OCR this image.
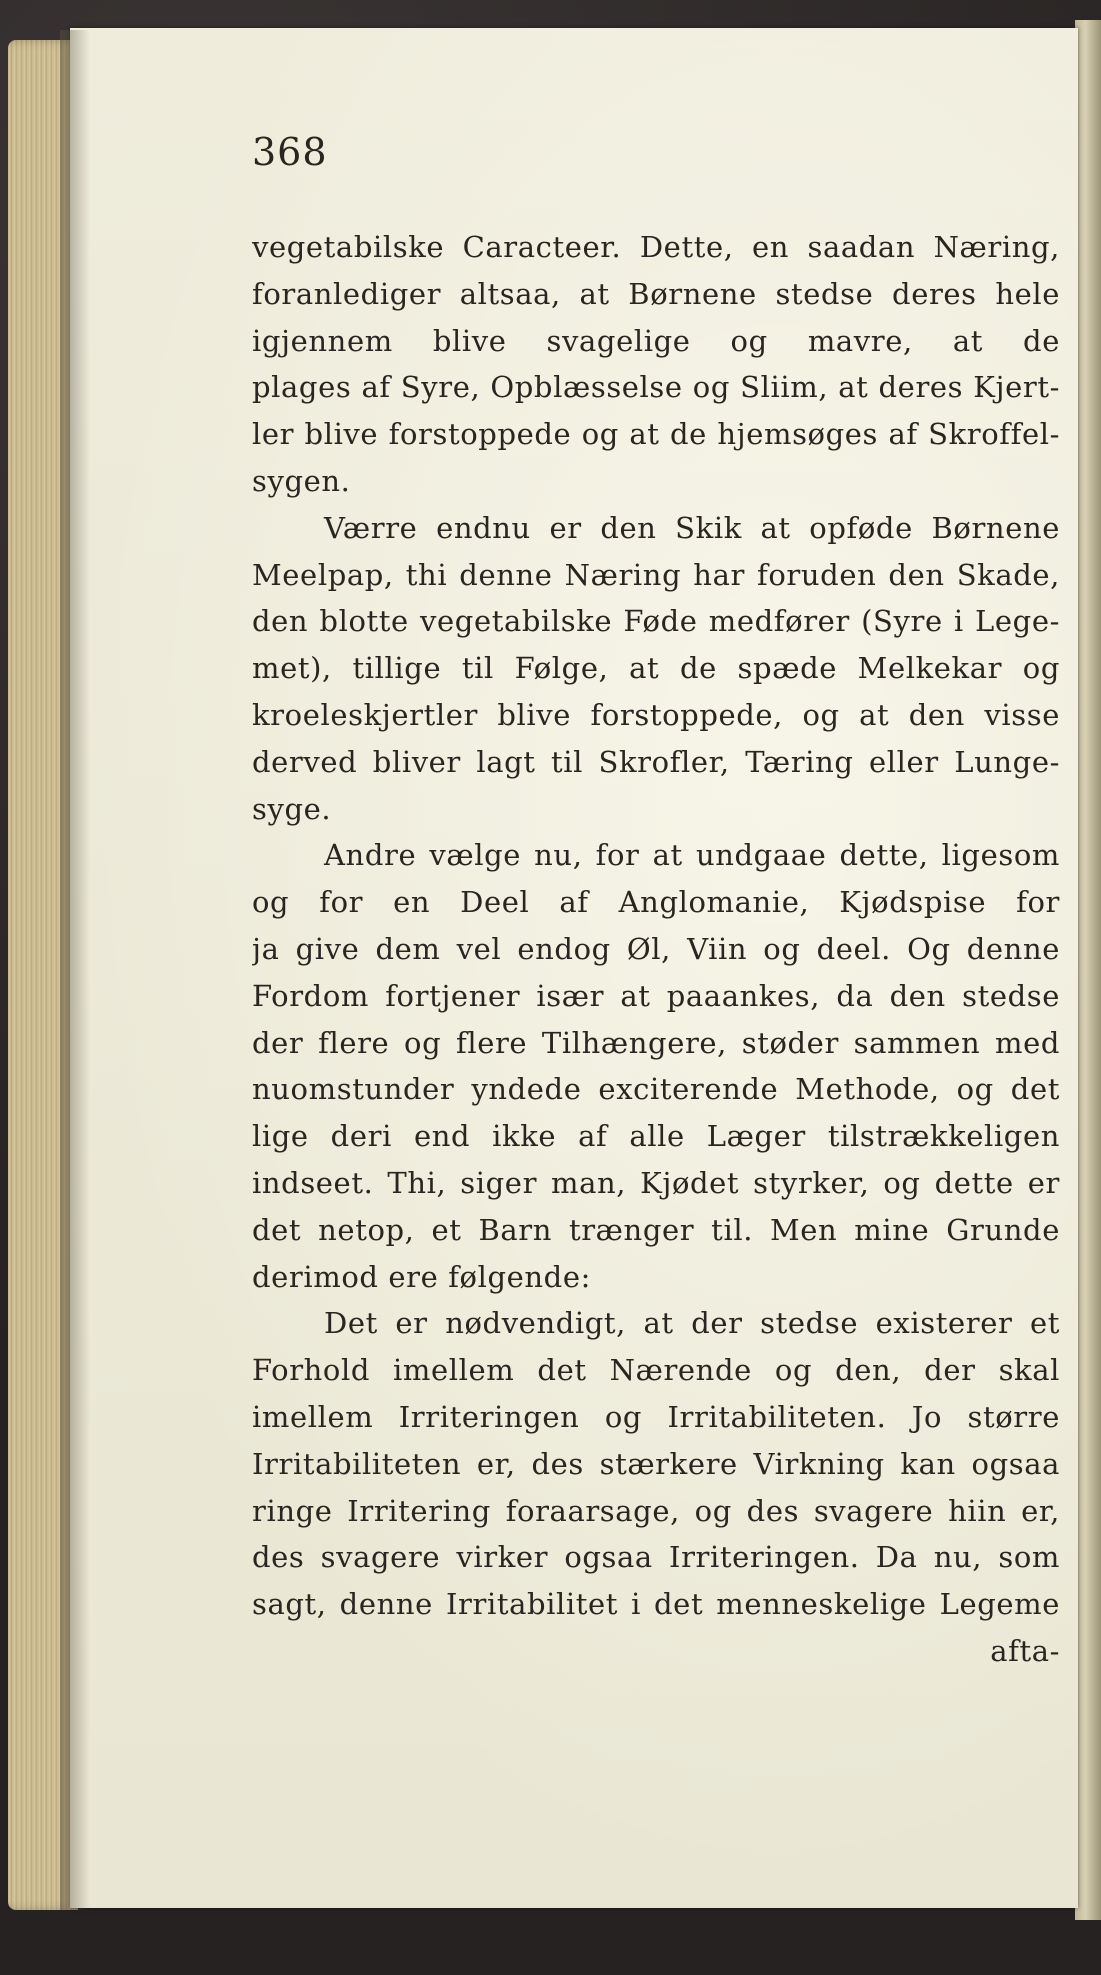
368
vegetabilske Caracteer. Dette, en saadan Næring,
foranlediger altsaa, at Børnene stedse deres hele
igjennem blive svagelige og mavre, at de
plages af Syre, Opblæsselse og Sliim, at deres Kjert-
ler blive forstoppede og at de hjemsøges af Skroffel-
sygen.
Værre endnu er den Skik at opføde Børnene
Meelpap, thi denne Næring har foruden den Skade,
den blotte vegetabilske Føde medfører (Syre i Lege-
met), tillige til Følge, at de spæde Melkekar og
kroeleskjertler blive forstoppede, og at den visse
derved bliver lagt til Skrofler, Tæring eller Lunge-
syge.
Andre vælge nu, for at undgaae dette, ligesom
og for en Deel af Anglomanie, Kjødspise for
ja give dem vel endog Øl, Viin og deel. Og denne
Fordom fortjener især at paaankes, da den stedse
der flere og flere Tilhængere, støder sammen med
nuomstunder yndede exciterende Methode, og det
lige deri end ikke af alle Læger tilstrækkeligen
indseet. Thi, siger man, Kjødet styrker, og dette er
det netop, et Barn trænger til. Men mine Grunde
derimod ere følgende:
Det er nødvendigt, at der stedse existerer et
Forhold imellem det Nærende og den, der skal
imellem Irriteringen og Irritabiliteten. Jo større
Irritabiliteten er, des stærkere Virkning kan ogsaa
ringe Irritering foraarsage, og des svagere hiin er,
des svagere virker ogsaa Irriteringen. Da nu, som
sagt, denne Irritabilitet i det menneskelige Legeme
afta-
